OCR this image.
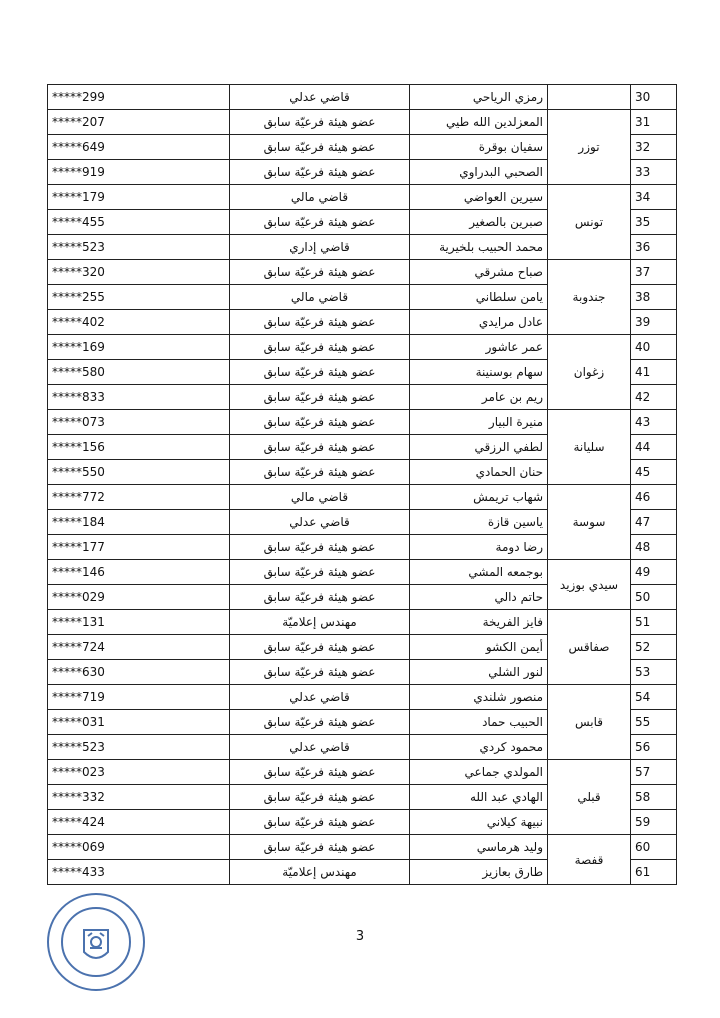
30		رمزي الرياحي	قاضي عدلي	*****299
31	توزر	المعزلدين الله طيي	عضو هيئة فرعيّة سابق	*****207
32		سفيان بوقرة	عضو هيئة فرعيّة سابق	*****649
33		الصحبي البدراوي	عضو هيئة فرعيّة سابق	*****919
34	تونس	سيرين العواضي	قاضي مالي	*****179
35		صبرين بالصغير	عضو هيئة فرعيّة سابق	*****455
36		محمد الحبيب بلخيرية	قاضي إداري	*****523
37	جندوبة	صباح مشرقي	عضو هيئة فرعيّة سابق	*****320
38		يامن سلطاني	قاضي مالي	*****255
39		عادل مرايدي	عضو هيئة فرعيّة سابق	*****402
40	زغوان	عمر عاشور	عضو هيئة فرعيّة سابق	*****169
41		سهام بوسنينة	عضو هيئة فرعيّة سابق	*****580
42		ريم بن عامر	عضو هيئة فرعيّة سابق	*****833
43	سليانة	منيرة البيار	عضو هيئة فرعيّة سابق	*****073
44		لطفي الرزقي	عضو هيئة فرعيّة سابق	*****156
45		حنان الحمادي	عضو هيئة فرعيّة سابق	*****550
46	سوسة	شهاب تريمش	قاضي مالي	*****772
47		ياسين قازة	قاضي عدلي	*****184
48		رضا دومة	عضو هيئة فرعيّة سابق	*****177
49	سيدي بوزيد	بوجمعه المشي	عضو هيئة فرعيّة سابق	*****146
50		حاتم دالي	عضو هيئة فرعيّة سابق	*****029
51	صفاقس	فايز الفريخة	مهندس إعلاميّة	*****131
52		أيمن الكشو	عضو هيئة فرعيّة سابق	*****724
53		لنور الشلي	عضو هيئة فرعيّة سابق	*****630
54	قابس	منصور شلندي	قاضي عدلي	*****719
55		الحبيب حماد	عضو هيئة فرعيّة سابق	*****031
56		محمود كردي	قاضي عدلي	*****523
57	قبلي	المولدي جماعي	عضو هيئة فرعيّة سابق	*****023
58		الهادي عبد الله	عضو هيئة فرعيّة سابق	*****332
59		نبيهة كيلاني	عضو هيئة فرعيّة سابق	*****424
60	قفصة	وليد هرماسي	عضو هيئة فرعيّة سابق	*****069
61		طارق بعازيز	مهندس إعلاميّة	*****433
3
